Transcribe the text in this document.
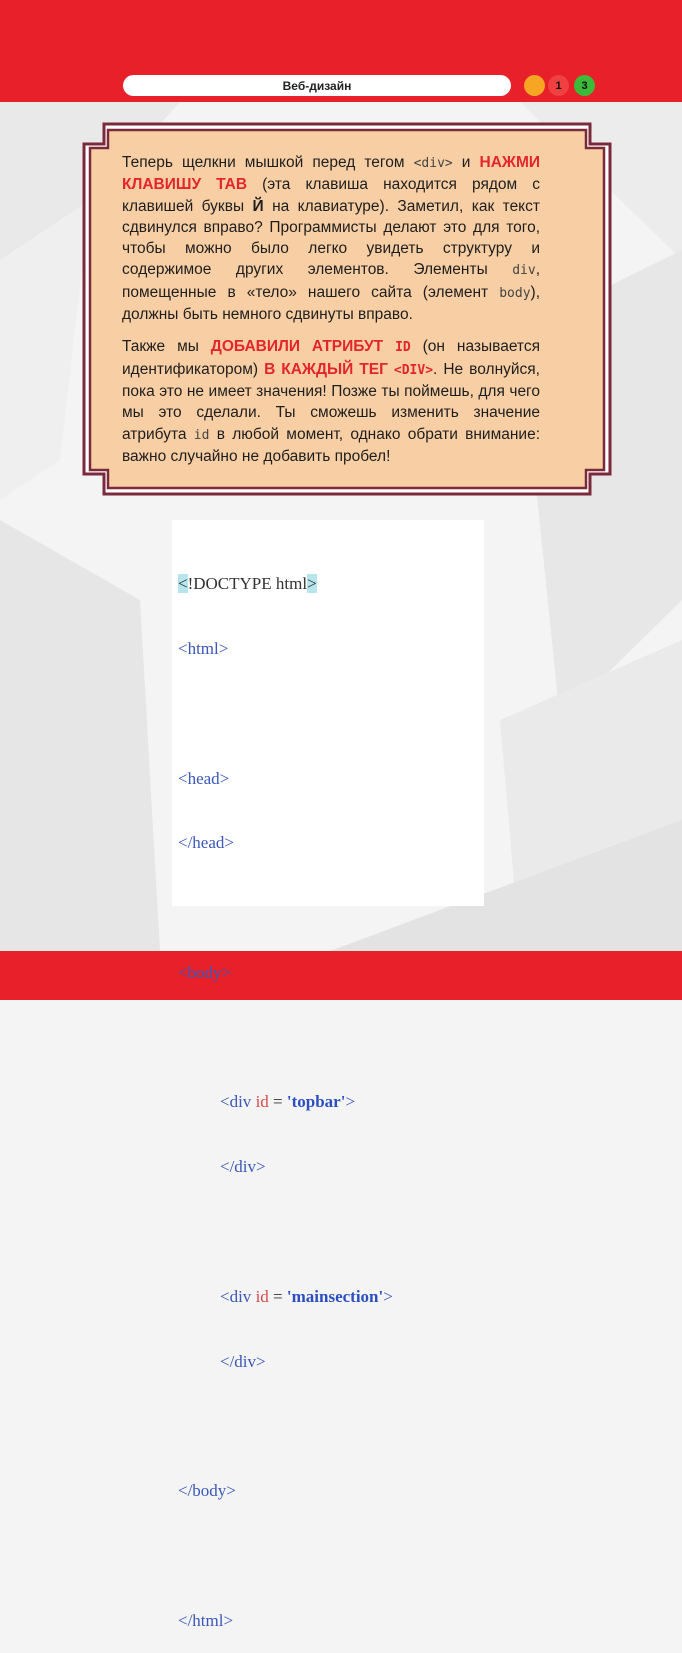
Веб-дизайн	1	3

Теперь щелкни мышкой перед тегом <div> и НАЖМИ КЛАВИШУ ТАВ (эта клавиша находится рядом с клавишей буквы Й на клавиатуре). Заметил, как текст сдвинулся вправо? Программисты делают это для того, чтобы можно было легко увидеть структуру и содержимое других элементов. Элементы div, помещенные в «тело» нашего сайта (элемент body), должны быть немного сдвинуты вправо.

Также мы ДОБАВИЛИ АТРИБУТ ID (он называется идентификатором) В КАЖДЫЙ ТЕГ <DIV>. Не волнуйся, пока это не имеет значения! Позже ты поймешь, для чего мы это сделали. Ты сможешь изменить значение атрибута id в любой момент, однако обрати внимание: важно случайно не добавить пробел!

<!DOCTYPE html>

<html>

<head>

</head>

<body>

<div id = 'topbar'>

</div>

<div id = 'mainsection'>

</div>

</body>

</html>
